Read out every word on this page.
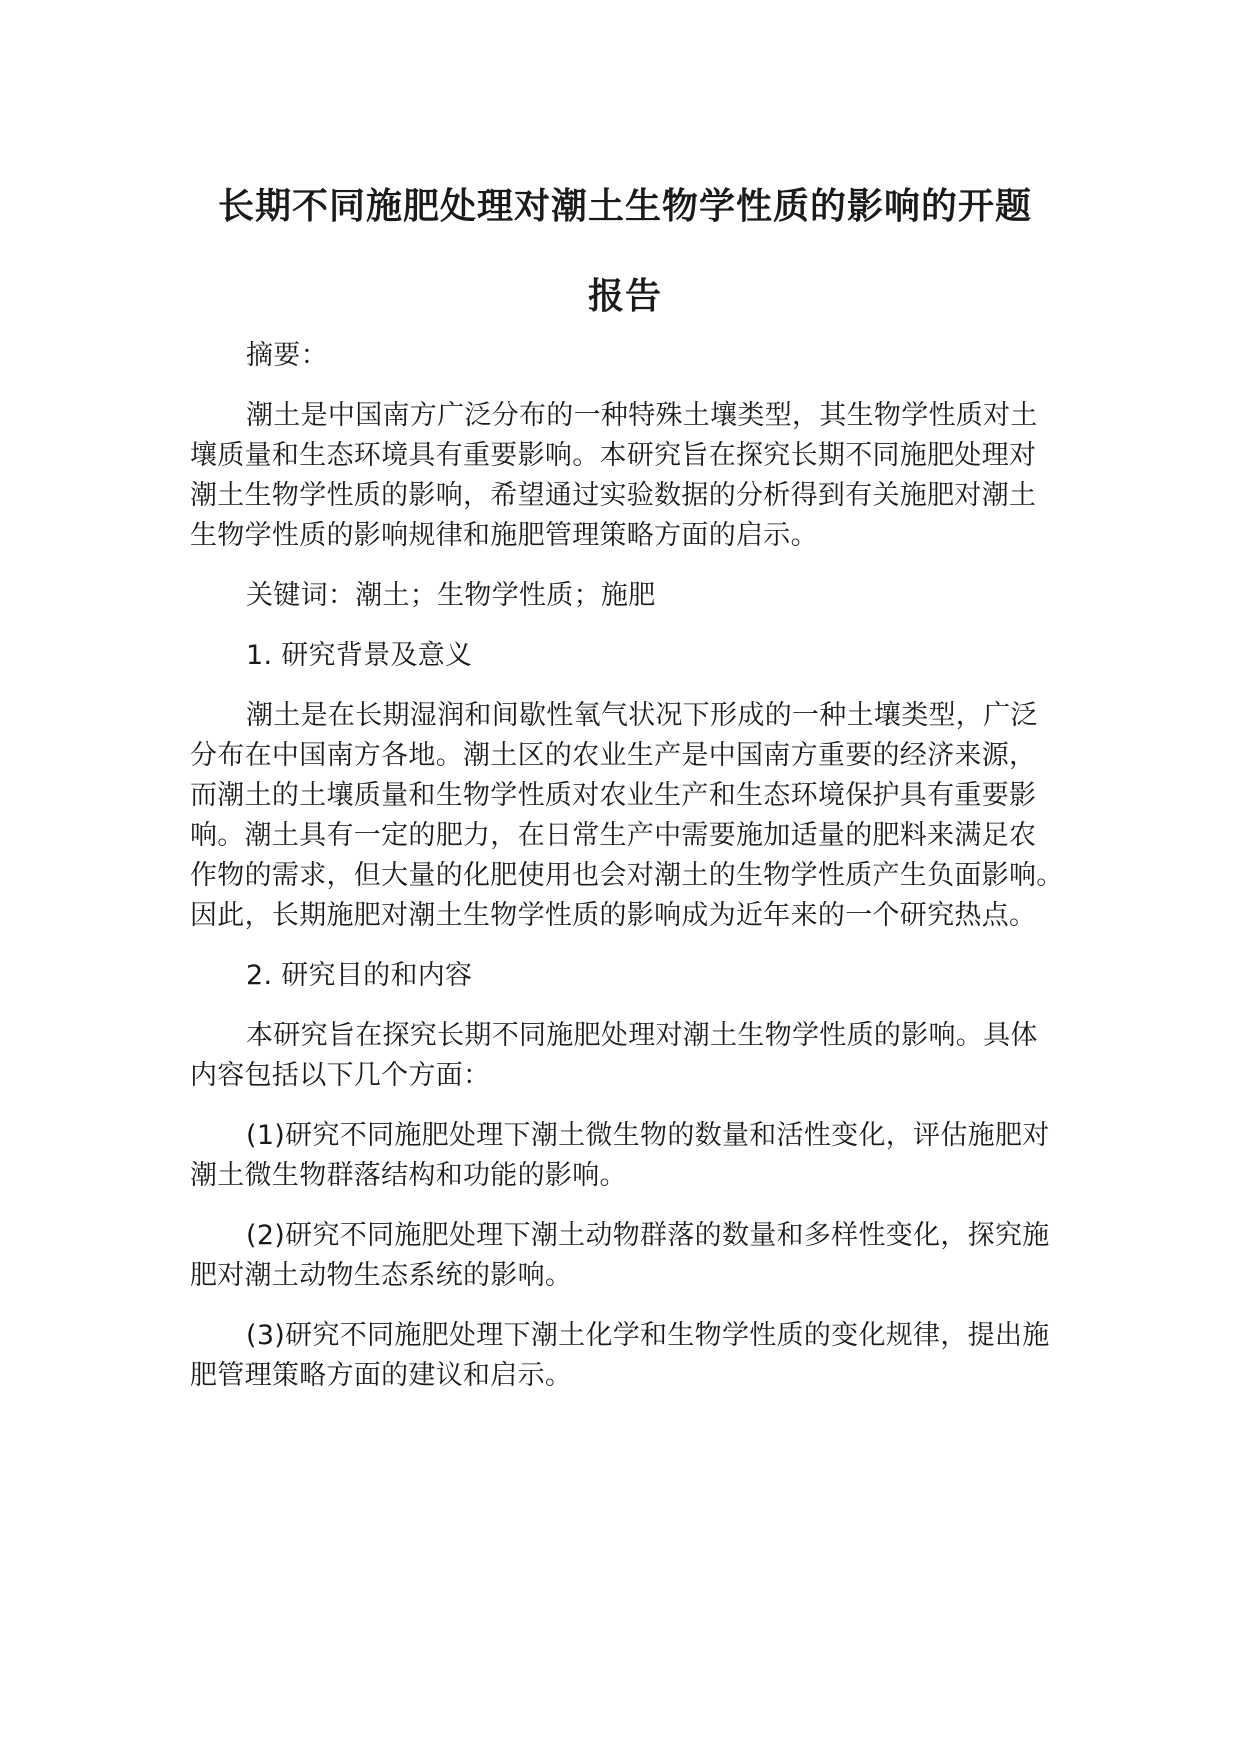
长期不同施肥处理对潮土生物学性质的影响的开题
报告
摘要：
潮土是中国南方广泛分布的一种特殊土壤类型，其生物学性质对土
壤质量和生态环境具有重要影响。本研究旨在探究长期不同施肥处理对
潮土生物学性质的影响，希望通过实验数据的分析得到有关施肥对潮土
生物学性质的影响规律和施肥管理策略方面的启示。
关键词：潮土；生物学性质；施肥
1. 研究背景及意义
潮土是在长期湿润和间歇性氧气状况下形成的一种土壤类型，广泛
分布在中国南方各地。潮土区的农业生产是中国南方重要的经济来源，
而潮土的土壤质量和生物学性质对农业生产和生态环境保护具有重要影
响。潮土具有一定的肥力，在日常生产中需要施加适量的肥料来满足农
作物的需求，但大量的化肥使用也会对潮土的生物学性质产生负面影响。
因此，长期施肥对潮土生物学性质的影响成为近年来的一个研究热点。
2. 研究目的和内容
本研究旨在探究长期不同施肥处理对潮土生物学性质的影响。具体
内容包括以下几个方面：
(1)研究不同施肥处理下潮土微生物的数量和活性变化，评估施肥对
潮土微生物群落结构和功能的影响。
(2)研究不同施肥处理下潮土动物群落的数量和多样性变化，探究施
肥对潮土动物生态系统的影响。
(3)研究不同施肥处理下潮土化学和生物学性质的变化规律，提出施
肥管理策略方面的建议和启示。
